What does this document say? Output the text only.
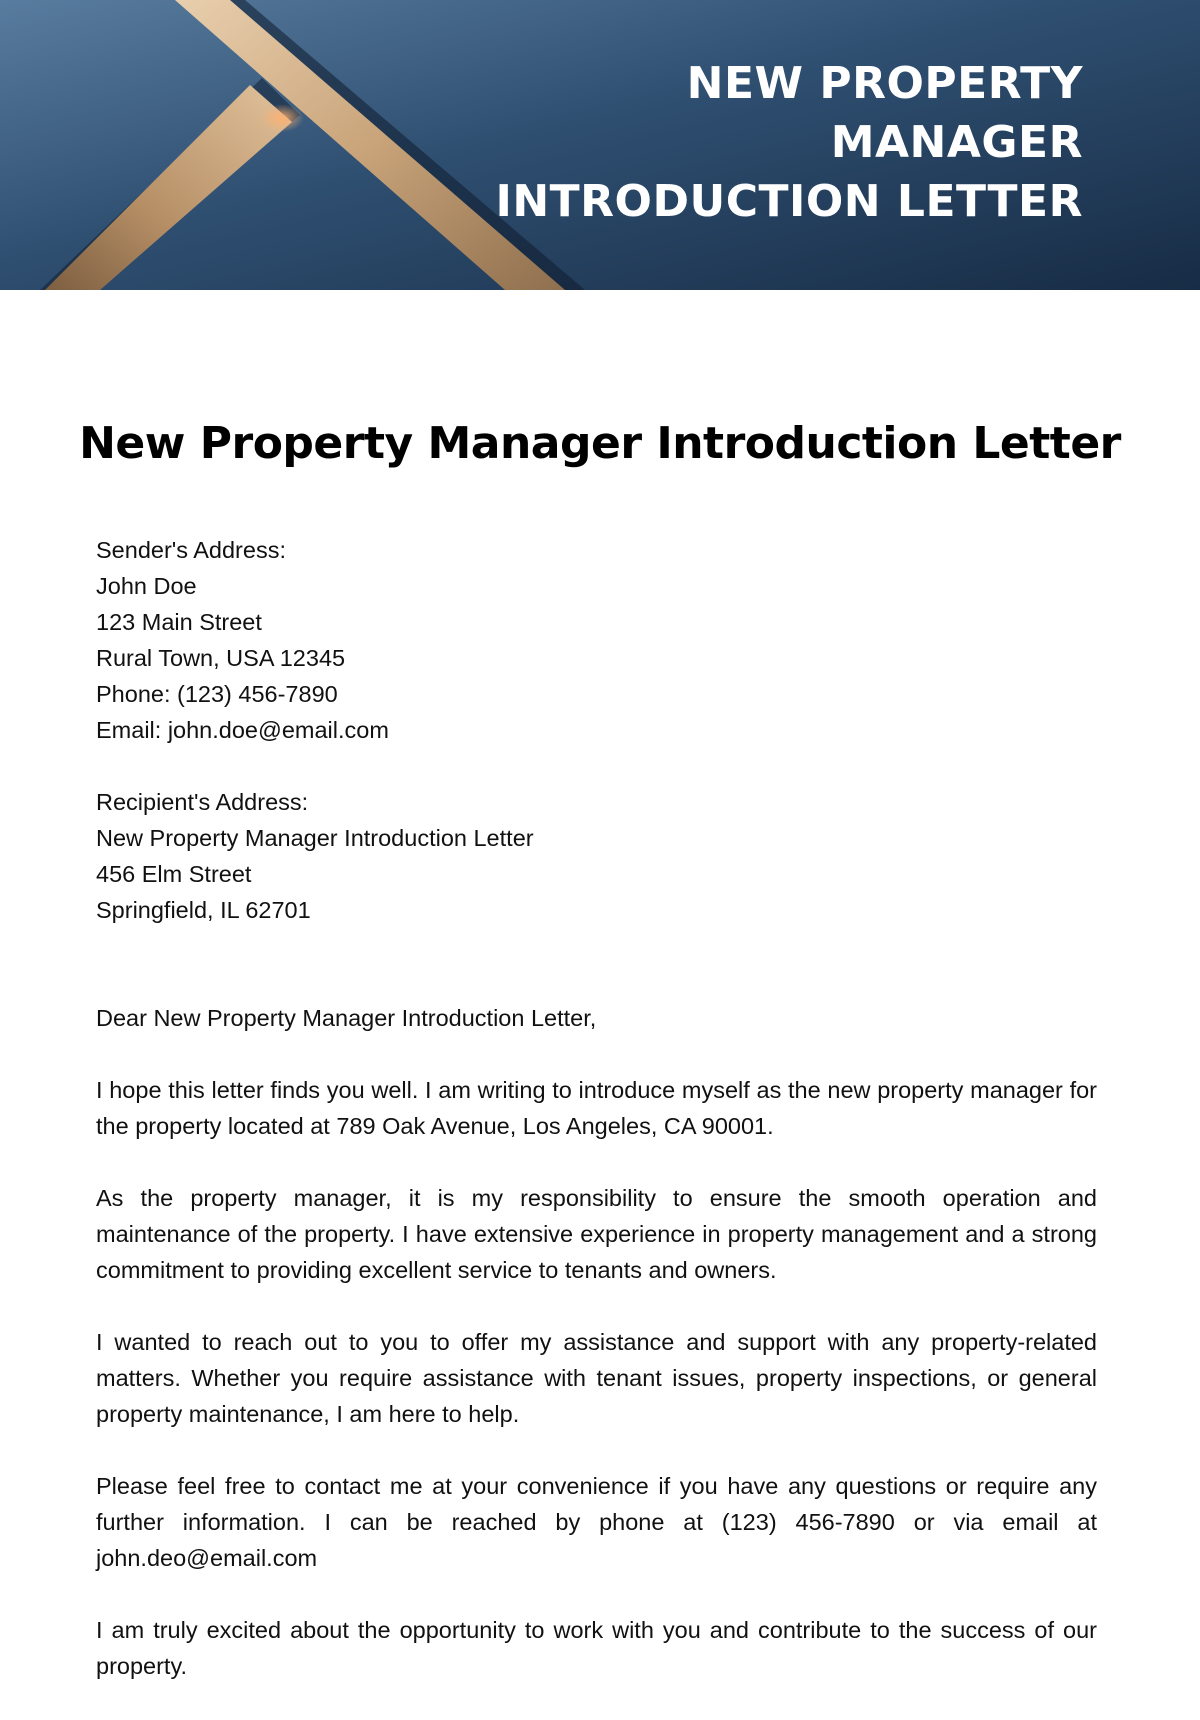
NEW PROPERTY
MANAGER
INTRODUCTION LETTER
New Property Manager Introduction Letter
Sender's Address:
John Doe
123 Main Street
Rural Town, USA 12345
Phone: (123) 456-7890
Email: john.doe@email.com
Recipient's Address:
New Property Manager Introduction Letter
456 Elm Street
Springfield, IL 62701

Dear New Property Manager Introduction Letter,

I hope this letter finds you well. I am writing to introduce myself as the new property manager for the property located at 789 Oak Avenue, Los Angeles, CA 90001.

As the property manager, it is my responsibility to ensure the smooth operation and maintenance of the property. I have extensive experience in property management and a strong commitment to providing excellent service to tenants and owners.

I wanted to reach out to you to offer my assistance and support with any property-related matters. Whether you require assistance with tenant issues, property inspections, or general property maintenance, I am here to help.

Please feel free to contact me at your convenience if you have any questions or require any further information. I can be reached by phone at (123) 456-7890 or via email at john.deo@email.com

I am truly excited about the opportunity to work with you and contribute to the success of our property.
